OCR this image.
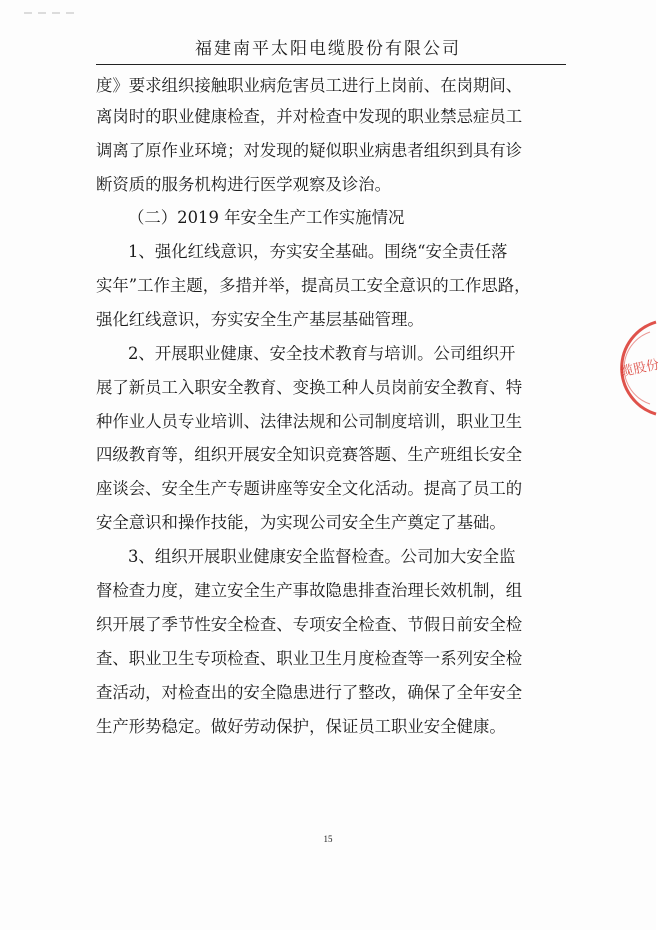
福建南平太阳电缆股份有限公司
度》要求组织接触职业病危害员工进行上岗前、在岗期间、
离岗时的职业健康检查，并对检查中发现的职业禁忌症员工
调离了原作业环境；对发现的疑似职业病患者组织到具有诊
断资质的服务机构进行医学观察及诊治。
（二）2019 年安全生产工作实施情况
1、强化红线意识，夯实安全基础。围绕“安全责任落
实年”工作主题，多措并举，提高员工安全意识的工作思路，
强化红线意识，夯实安全生产基层基础管理。
2、开展职业健康、安全技术教育与培训。公司组织开
展了新员工入职安全教育、变换工种人员岗前安全教育、特
种作业人员专业培训、法律法规和公司制度培训，职业卫生
四级教育等，组织开展安全知识竞赛答题、生产班组长安全
座谈会、安全生产专题讲座等安全文化活动。提高了员工的
安全意识和操作技能，为实现公司安全生产奠定了基础。
3、组织开展职业健康安全监督检查。公司加大安全监
督检查力度，建立安全生产事故隐患排查治理长效机制，组
织开展了季节性安全检查、专项安全检查、节假日前安全检
查、职业卫生专项检查、职业卫生月度检查等一系列安全检
查活动，对检查出的安全隐患进行了整改，确保了全年安全
生产形势稳定。做好劳动保护，保证员工职业安全健康。
15
缆股份
